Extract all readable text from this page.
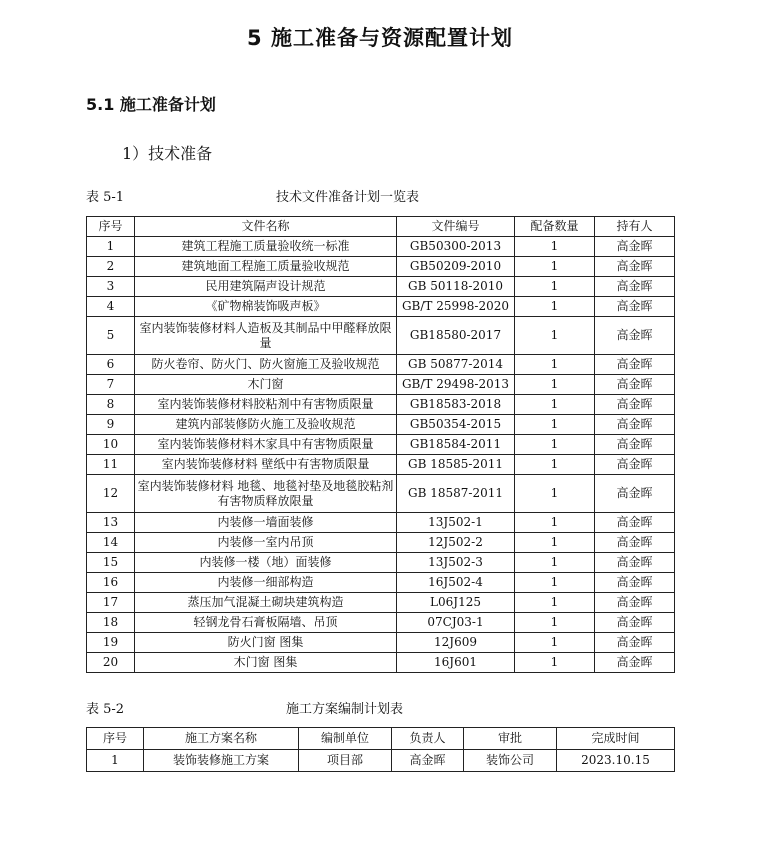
5 施工准备与资源配置计划
5.1 施工准备计划
1）技术准备
表 5-1	技术文件准备计划一览表
序号	文件名称	文件编号	配备数量	持有人
1	建筑工程施工质量验收统一标准	GB50300-2013	1	高金晖
2	建筑地面工程施工质量验收规范	GB50209-2010	1	高金晖
3	民用建筑隔声设计规范	GB 50118-2010	1	高金晖
4	《矿物棉装饰吸声板》	GB/T 25998-2020	1	高金晖
5	室内装饰装修材料人造板及其制品中甲醛释放限量	GB18580-2017	1	高金晖
6	防火卷帘、防火门、防火窗施工及验收规范	GB 50877-2014	1	高金晖
7	木门窗	GB/T 29498-2013	1	高金晖
8	室内装饰装修材料胶粘剂中有害物质限量	GB18583-2018	1	高金晖
9	建筑内部装修防火施工及验收规范	GB50354-2015	1	高金晖
10	室内装饰装修材料木家具中有害物质限量	GB18584-2011	1	高金晖
11	室内装饰装修材料 壁纸中有害物质限量	GB 18585-2011	1	高金晖
12	室内装饰装修材料 地毯、地毯衬垫及地毯胶粘剂有害物质释放限量	GB 18587-2011	1	高金晖
13	内装修一墙面装修	13J502-1	1	高金晖
14	内装修一室内吊顶	12J502-2	1	高金晖
15	内装修一楼（地）面装修	13J502-3	1	高金晖
16	内装修一细部构造	16J502-4	1	高金晖
17	蒸压加气混凝土砌块建筑构造	L06J125	1	高金晖
18	轻钢龙骨石膏板隔墙、吊顶	07CJ03-1	1	高金晖
19	防火门窗 图集	12J609	1	高金晖
20	木门窗 图集	16J601	1	高金晖
表 5-2	施工方案编制计划表
序号	施工方案名称	编制单位	负责人	审批	完成时间
1	装饰装修施工方案	项目部	高金晖	装饰公司	2023.10.15
